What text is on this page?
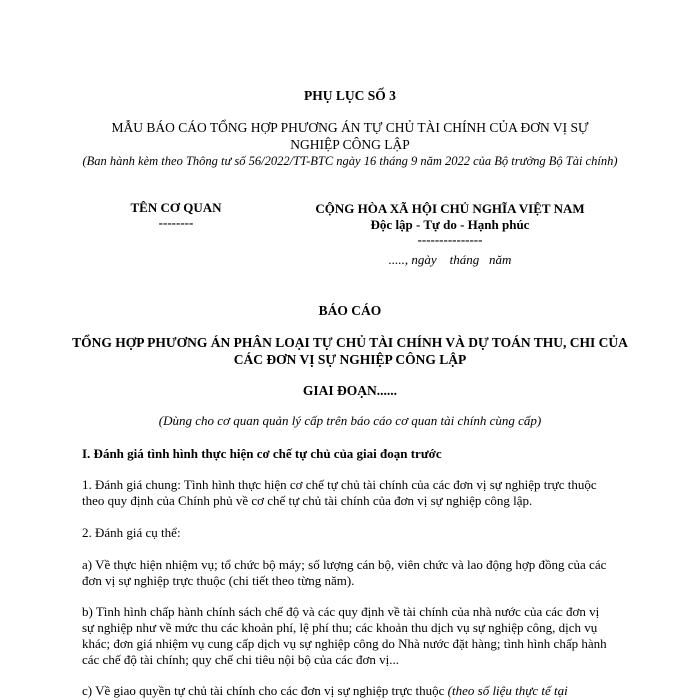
PHỤ LỤC SỐ 3
MẪU BÁO CÁO TỔNG HỢP PHƯƠNG ÁN TỰ CHỦ TÀI CHÍNH CỦA ĐƠN VỊ SỰ NGHIỆP CÔNG LẬP
(Ban hành kèm theo Thông tư số 56/2022/TT-BTC ngày 16 tháng 9 năm 2022 của Bộ trưởng Bộ Tài chính)
TÊN CƠ QUAN
--------
CỘNG HÒA XÃ HỘI CHỦ NGHĨA VIỆT NAM
Độc lập - Tự do - Hạnh phúc
---------------
....., ngày    tháng   năm
BÁO CÁO
TỔNG HỢP PHƯƠNG ÁN PHÂN LOẠI TỰ CHỦ TÀI CHÍNH VÀ DỰ TOÁN THU, CHI CỦA CÁC ĐƠN VỊ SỰ NGHIỆP CÔNG LẬP
GIAI ĐOẠN......
(Dùng cho cơ quan quản lý cấp trên báo cáo cơ quan tài chính cùng cấp)
I. Đánh giá tình hình thực hiện cơ chế tự chủ của giai đoạn trước
1. Đánh giá chung: Tình hình thực hiện cơ chế tự chủ tài chính của các đơn vị sự nghiệp trực thuộc theo quy định của Chính phủ về cơ chế tự chủ tài chính của đơn vị sự nghiệp công lập.
2. Đánh giá cụ thể:
a) Về thực hiện nhiệm vụ; tổ chức bộ máy; số lượng cán bộ, viên chức và lao động hợp đồng của các đơn vị sự nghiệp trực thuộc (chi tiết theo từng năm).
b) Tình hình chấp hành chính sách chế độ và các quy định về tài chính của nhà nước của các đơn vị sự nghiệp như về mức thu các khoản phí, lệ phí thu; các khoản thu dịch vụ sự nghiệp công, dịch vụ khác; đơn giá nhiệm vụ cung cấp dịch vụ sự nghiệp công do Nhà nước đặt hàng; tình hình chấp hành các chế độ tài chính; quy chế chi tiêu nội bộ của các đơn vị...
c) Về giao quyền tự chủ tài chính cho các đơn vị sự nghiệp trực thuộc (theo số liệu thực tế tại
